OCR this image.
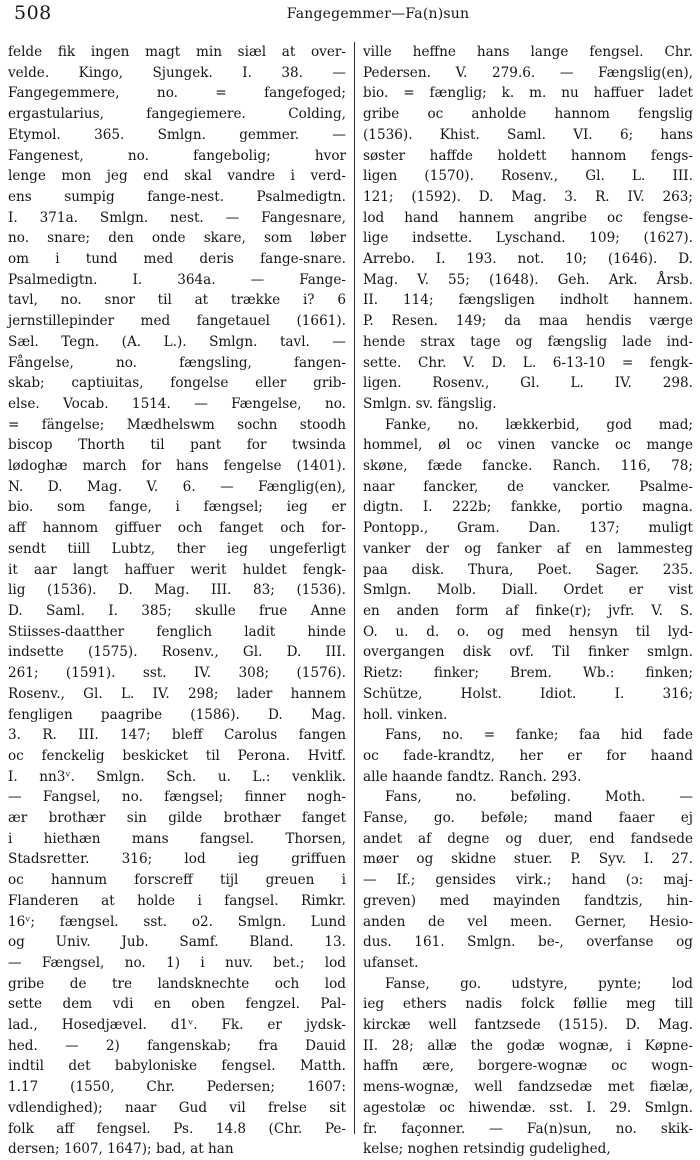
508	Fangegemmer—Fa(n)sun
felde fik ingen magt min siæl at over-
velde. Kingo, Sjungek. I. 38. —
Fangegemmere, no. = fangefoged;
ergastularius, fangegiemere. Colding,
Etymol. 365. Smlgn. gemmer. —
Fangenest, no. fangebolig; hvor
lenge mon jeg end skal vandre i verd-
ens sumpig fange-nest. Psalmedigtn.
I. 371a. Smlgn. nest. — Fangesnare,
no. snare; den onde skare, som løber
om i tund med deris fange-snare.
Psalmedigtn. I. 364a. — Fange-
tavl, no. snor til at trække i? 6
jernstillepinder med fangetauel (1661).
Sæl. Tegn. (A. L.). Smlgn. tavl. —
Fångelse, no. fængsling, fangen-
skab; captiuitas, fongelse eller grib-
else. Vocab. 1514. — Fængelse, no.
= fängelse; Mædhelswm sochn stoodh
biscop Thorth til pant for twsinda
lødoghæ march for hans fengelse (1401).
N. D. Mag. V. 6. — Fænglig(en),
bio. som fange, i fængsel; ieg er
aff hannom giffuer och fanget och for-
sendt tiill Lubtz, ther ieg ungeferligt
it aar langt haffuer werit huldet fengk-
lig (1536). D. Mag. III. 83; (1536).
D. Saml. I. 385; skulle frue Anne
Stiisses-daatther fenglich ladit hinde
indsette (1575). Rosenv., Gl. D. III.
261; (1591). sst. IV. 308; (1576).
Rosenv., Gl. L. IV. 298; lader hannem
fengligen paagribe (1586). D. Mag.
3. R. III. 147; bleff Carolus fangen
oc fenckelig beskicket til Perona. Hvitf.
I. nn3ᵛ. Smlgn. Sch. u. L.: venklik.
— Fangsel, no. fængsel; finner nogh-
ær brothær sin gilde brothær fanget
i hiethæn mans fangsel. Thorsen,
Stadsretter. 316; lod ieg griffuen
oc hannum forscreff tijl greuen i
Flanderen at holde i fangsel. Rimkr.
16ᵛ; fængsel. sst. o2. Smlgn. Lund
og Univ. Jub. Samf. Bland. 13.
— Fængsel, no. 1) i nuv. bet.; lod
gribe de tre landsknechte och lod
sette dem vdi en oben fengzel. Pal-
lad., Hosedjævel. d1ᵛ. Fk. er jydsk-
hed. — 2) fangenskab; fra Dauid
indtil det babyloniske fengsel. Matth.
1.17 (1550, Chr. Pedersen; 1607:
vdlendighed); naar Gud vil frelse sit
folk aff fengsel. Ps. 14.8 (Chr. Pe-
dersen; 1607, 1647); bad, at han
ville heffne hans lange fengsel. Chr.
Pedersen. V. 279.6. — Fængslig(en),
bio. = fænglig; k. m. nu haffuer ladet
gribe oc anholde hannom fengslig
(1536). Khist. Saml. VI. 6; hans
søster haffde holdett hannom fengs-
ligen (1570). Rosenv., Gl. L. III.
121; (1592). D. Mag. 3. R. IV. 263;
lod hand hannem angribe oc fengse-
lige indsette. Lyschand. 109; (1627).
Arrebo. I. 193. not. 10; (1646). D.
Mag. V. 55; (1648). Geh. Ark. Årsb.
II. 114; fængsligen indholt hannem.
P. Resen. 149; da maa hendis værge
hende strax tage og fængslig lade ind-
sette. Chr. V. D. L. 6-13-10 = fengk-
ligen. Rosenv., Gl. L. IV. 298.
Smlgn. sv. fängslig.
Fanke, no. lækkerbid, god mad;
hommel, øl oc vinen vancke oc mange
skøne, fæde fancke. Ranch. 116, 78;
naar fancker, de vancker. Psalme-
digtn. I. 222b; fankke, portio magna.
Pontopp., Gram. Dan. 137; muligt
vanker der og fanker af en lammesteg
paa disk. Thura, Poet. Sager. 235.
Smlgn. Molb. Diall. Ordet er vist
en anden form af finke(r); jvfr. V. S.
O. u. d. o. og med hensyn til lyd-
overgangen disk ovf. Til finker smlgn.
Rietz: finker; Brem. Wb.: finken;
Schütze, Holst. Idiot. I. 316;
holl. vinken.
Fans, no. = fanke; faa hid fade
oc fade-krandtz, her er for haand
alle haande fandtz. Ranch. 293.
Fans, no. beføling. Moth. —
Fanse, go. beføle; mand faaer ej
andet af degne og duer, end fandsede
møer og skidne stuer. P. Syv. I. 27.
— If.; gensides virk.; hand (ɔ: maj-
greven) med mayinden fandtzis, hin-
anden de vel meen. Gerner, Hesio-
dus. 161. Smlgn. be-, overfanse og
ufanset.
Fanse, go. udstyre, pynte; lod
ieg ethers nadis folck føllie meg till
kirckæ well fantzsede (1515). D. Mag.
II. 28; allæ the godæ wognæ, i Køpne-
haffn ære, borgere-wognæ oc wogn-
mens-wognæ, well fandzsedæ met fiælæ,
agestolæ oc hiwendæ. sst. I. 29. Smlgn.
fr. façonner. — Fa(n)sun, no. skik-
kelse; noghen retsindig gudelighed,
